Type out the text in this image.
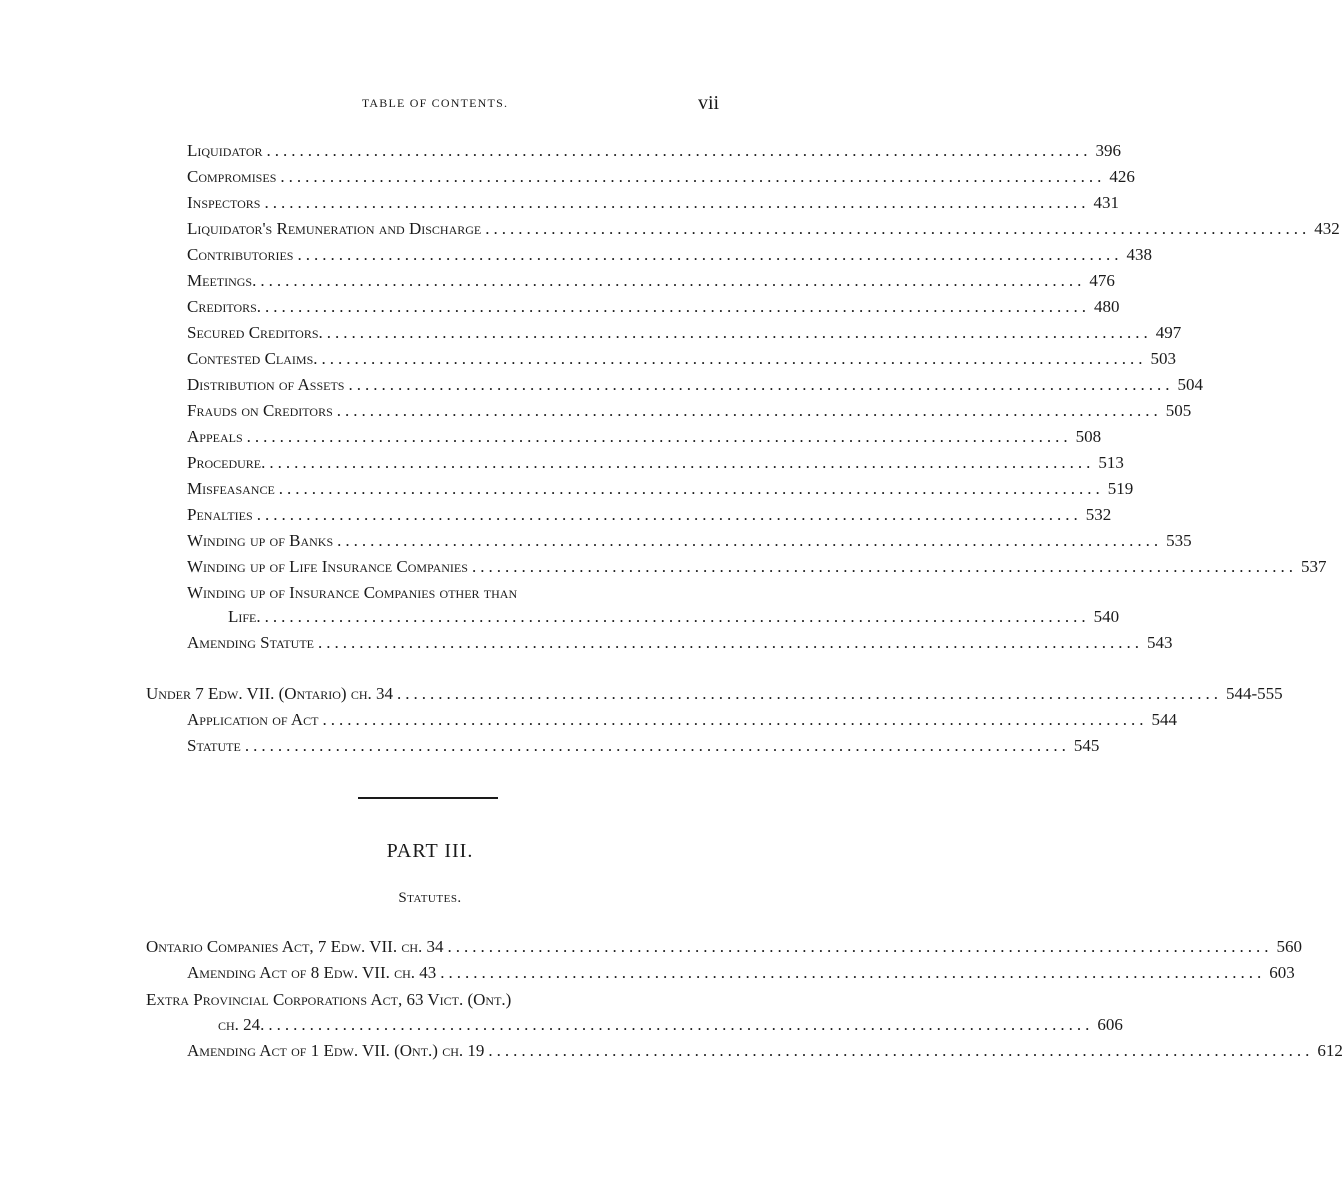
TABLE OF CONTENTS.	vii
Liquidator .................................................................................................... 396
Compromises .................................................................................................... 426
Inspectors .................................................................................................... 431
Liquidator's Remuneration and Discharge .................................................................................................... 432
Contributories .................................................................................................... 438
Meetings. .................................................................................................... 476
Creditors. .................................................................................................... 480
Secured Creditors. .................................................................................................... 497
Contested Claims. .................................................................................................... 503
Distribution of Assets .................................................................................................... 504
Frauds on Creditors .................................................................................................... 505
Appeals .................................................................................................... 508
Procedure. .................................................................................................... 513
Misfeasance .................................................................................................... 519
Penalties .................................................................................................... 532
Winding up of Banks .................................................................................................... 535
Winding up of Life Insurance Companies .................................................................................................... 537
Winding up of Insurance Companies other than
Life. .................................................................................................... 540
Amending Statute .................................................................................................... 543
Under 7 Edw. VII. (Ontario) ch. 34 .................................................................................................... 544-555
Application of Act .................................................................................................... 544
Statute .................................................................................................... 545
PART III.
Statutes.
Ontario Companies Act, 7 Edw. VII. ch. 34 .................................................................................................... 560
Amending Act of 8 Edw. VII. ch. 43 .................................................................................................... 603
Extra Provincial Corporations Act, 63 Vict. (Ont.)
ch. 24. .................................................................................................... 606
Amending Act of 1 Edw. VII. (Ont.) ch. 19 .................................................................................................... 612
